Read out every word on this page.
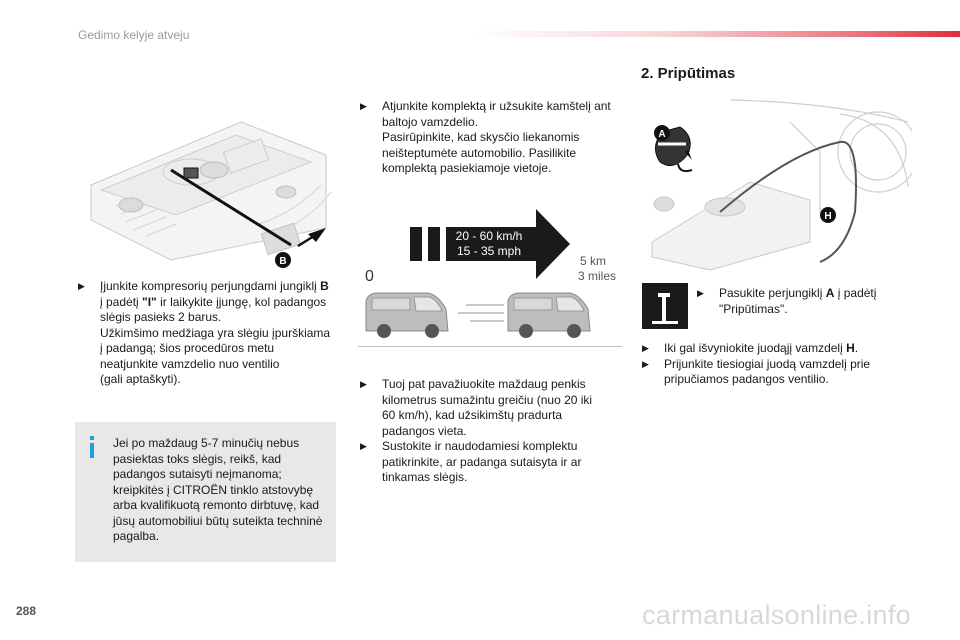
Gedimo kelyje atveju
B
▶ Įjunkite kompresorių perjungdami jungiklį B
į padėtį "I" ir laikykite įjungę, kol padangos
slėgis pasieks 2 barus.
Užkimšimo medžiaga yra slėgiu įpurškiama
į padangą; šios procedūros metu
neatjunkite vamzdelio nuo ventilio
(gali aptaškyti).
Jei po maždaug 5-7 minučių nebus
pasiektas toks slėgis, reikš, kad
padangos sutaisyti neįmanoma;
kreipkitės į CITROËN tinklo atstovybę
arba kvalifikuotą remonto dirbtuvę, kad
jūsų automobiliui būtų suteikta techninė
pagalba.
▶ Atjunkite komplektą ir užsukite kamštelį ant
baltojo vamzdelio.
Pasirūpinkite, kad skysčio liekanomis
neišteptumėte automobilio. Pasilikite
komplektą pasiekiamoje vietoje.
20 - 60 km/h
15 - 35 mph
0
5 km
3 miles
▶ Tuoj pat pavažiuokite maždaug penkis
kilometrus sumažintu greičiu (nuo 20 iki
60 km/h), kad užsikimštų pradurta
padangos vieta.
▶ Sustokite ir naudodamiesi komplektu
patikrinkite, ar padanga sutaisyta ir ar
tinkamas slėgis.
2. Pripūtimas
A
H
▶ Pasukite perjungiklį A į padėtį
"Pripūtimas".
▶ Iki gal išvyniokite juodąjį vamzdelį H.
▶ Prijunkite tiesiogiai juodą vamzdelį prie
pripučiamos padangos ventilio.
288	carmanualsonline.info
